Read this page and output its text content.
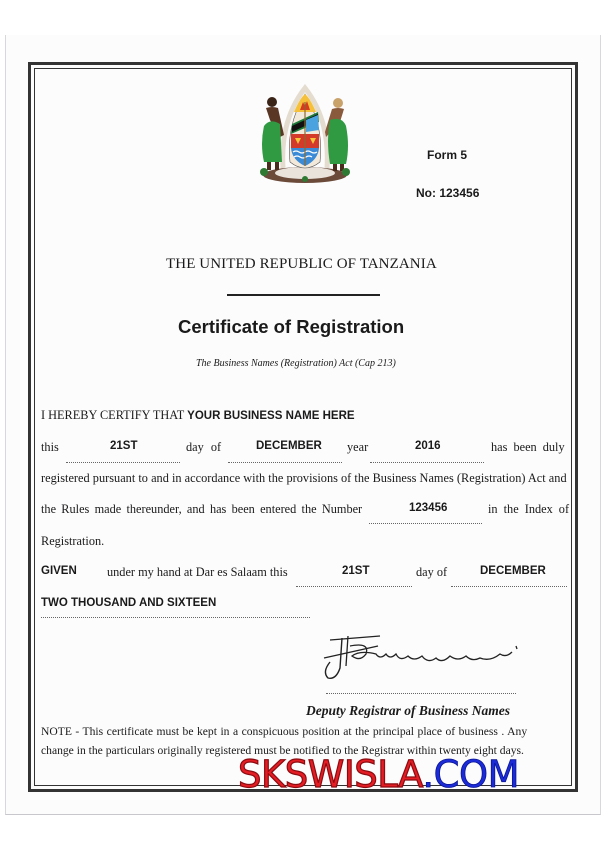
Form 5
No: 123456
THE UNITED REPUBLIC OF TANZANIA
Certificate of Registration
The Business Names (Registration) Act (Cap 213)
I HEREBY CERTIFY THAT YOUR BUSINESS NAME HERE
this	21ST	day of	DECEMBER year	2016	has been duly
registered pursuant to and in accordance with the provisions of the Business Names (Registration) Act and
the Rules made thereunder, and has been entered the Number	123456	in the Index of
Registration.
GIVEN under my hand at Dar es Salaam this	21ST	day of	DECEMBER
TWO THOUSAND AND SIXTEEN
Deputy Registrar of Business Names
NOTE - This certificate must be kept in a conspicuous position at the principal place of business . Any
change in the particulars originally registered must be notified to the Registrar within twenty eight days.
SKSWISLA.COM
